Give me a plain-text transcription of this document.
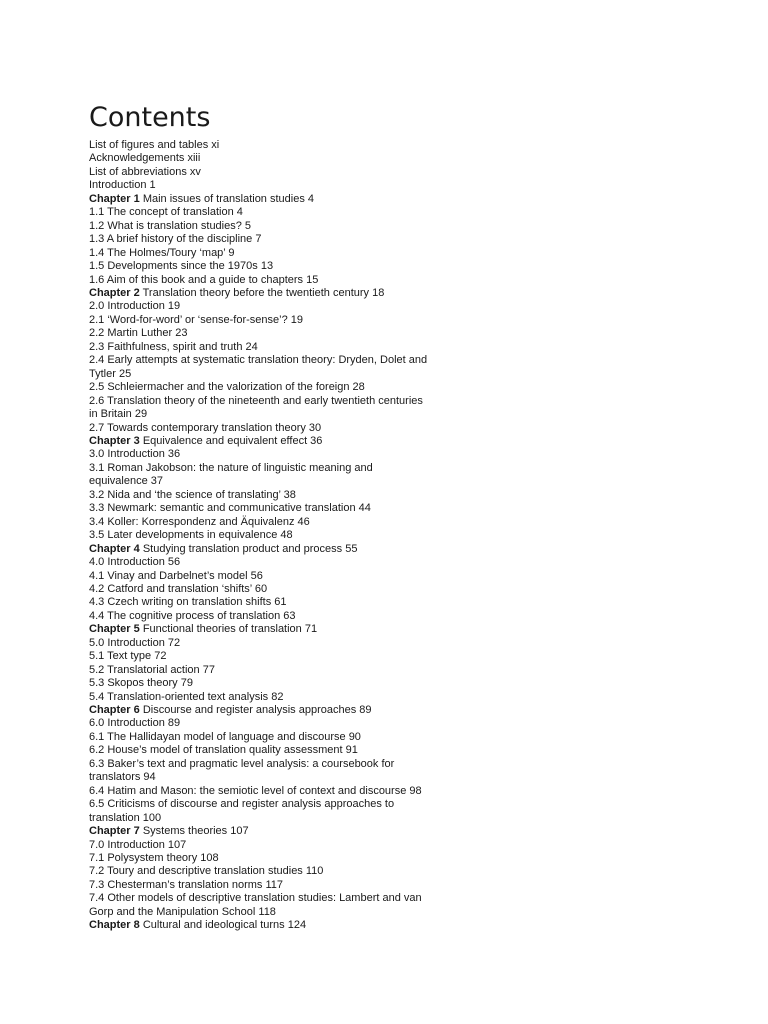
Contents
List of figures and tables xi
Acknowledgements xiii
List of abbreviations xv
Introduction 1
Chapter 1 Main issues of translation studies 4
1.1 The concept of translation 4
1.2 What is translation studies? 5
1.3 A brief history of the discipline 7
1.4 The Holmes/Toury ‘map’ 9
1.5 Developments since the 1970s 13
1.6 Aim of this book and a guide to chapters 15
Chapter 2 Translation theory before the twentieth century 18
2.0 Introduction 19
2.1 ‘Word-for-word’ or ‘sense-for-sense’? 19
2.2 Martin Luther 23
2.3 Faithfulness, spirit and truth 24
2.4 Early attempts at systematic translation theory: Dryden, Dolet and Tytler 25
2.5 Schleiermacher and the valorization of the foreign 28
2.6 Translation theory of the nineteenth and early twentieth centuries in Britain 29
2.7 Towards contemporary translation theory 30
Chapter 3 Equivalence and equivalent effect 36
3.0 Introduction 36
3.1 Roman Jakobson: the nature of linguistic meaning and equivalence 37
3.2 Nida and ‘the science of translating’ 38
3.3 Newmark: semantic and communicative translation 44
3.4 Koller: Korrespondenz and Äquivalenz 46
3.5 Later developments in equivalence 48
Chapter 4 Studying translation product and process 55
4.0 Introduction 56
4.1 Vinay and Darbelnet’s model 56
4.2 Catford and translation ‘shifts’ 60
4.3 Czech writing on translation shifts 61
4.4 The cognitive process of translation 63
Chapter 5 Functional theories of translation 71
5.0 Introduction 72
5.1 Text type 72
5.2 Translatorial action 77
5.3 Skopos theory 79
5.4 Translation-oriented text analysis 82
Chapter 6 Discourse and register analysis approaches 89
6.0 Introduction 89
6.1 The Hallidayan model of language and discourse 90
6.2 House’s model of translation quality assessment 91
6.3 Baker’s text and pragmatic level analysis: a coursebook for translators 94
6.4 Hatim and Mason: the semiotic level of context and discourse 98
6.5 Criticisms of discourse and register analysis approaches to translation 100
Chapter 7 Systems theories 107
7.0 Introduction 107
7.1 Polysystem theory 108
7.2 Toury and descriptive translation studies 110
7.3 Chesterman’s translation norms 117
7.4 Other models of descriptive translation studies: Lambert and van Gorp and the Manipulation School 118
Chapter 8 Cultural and ideological turns 124
